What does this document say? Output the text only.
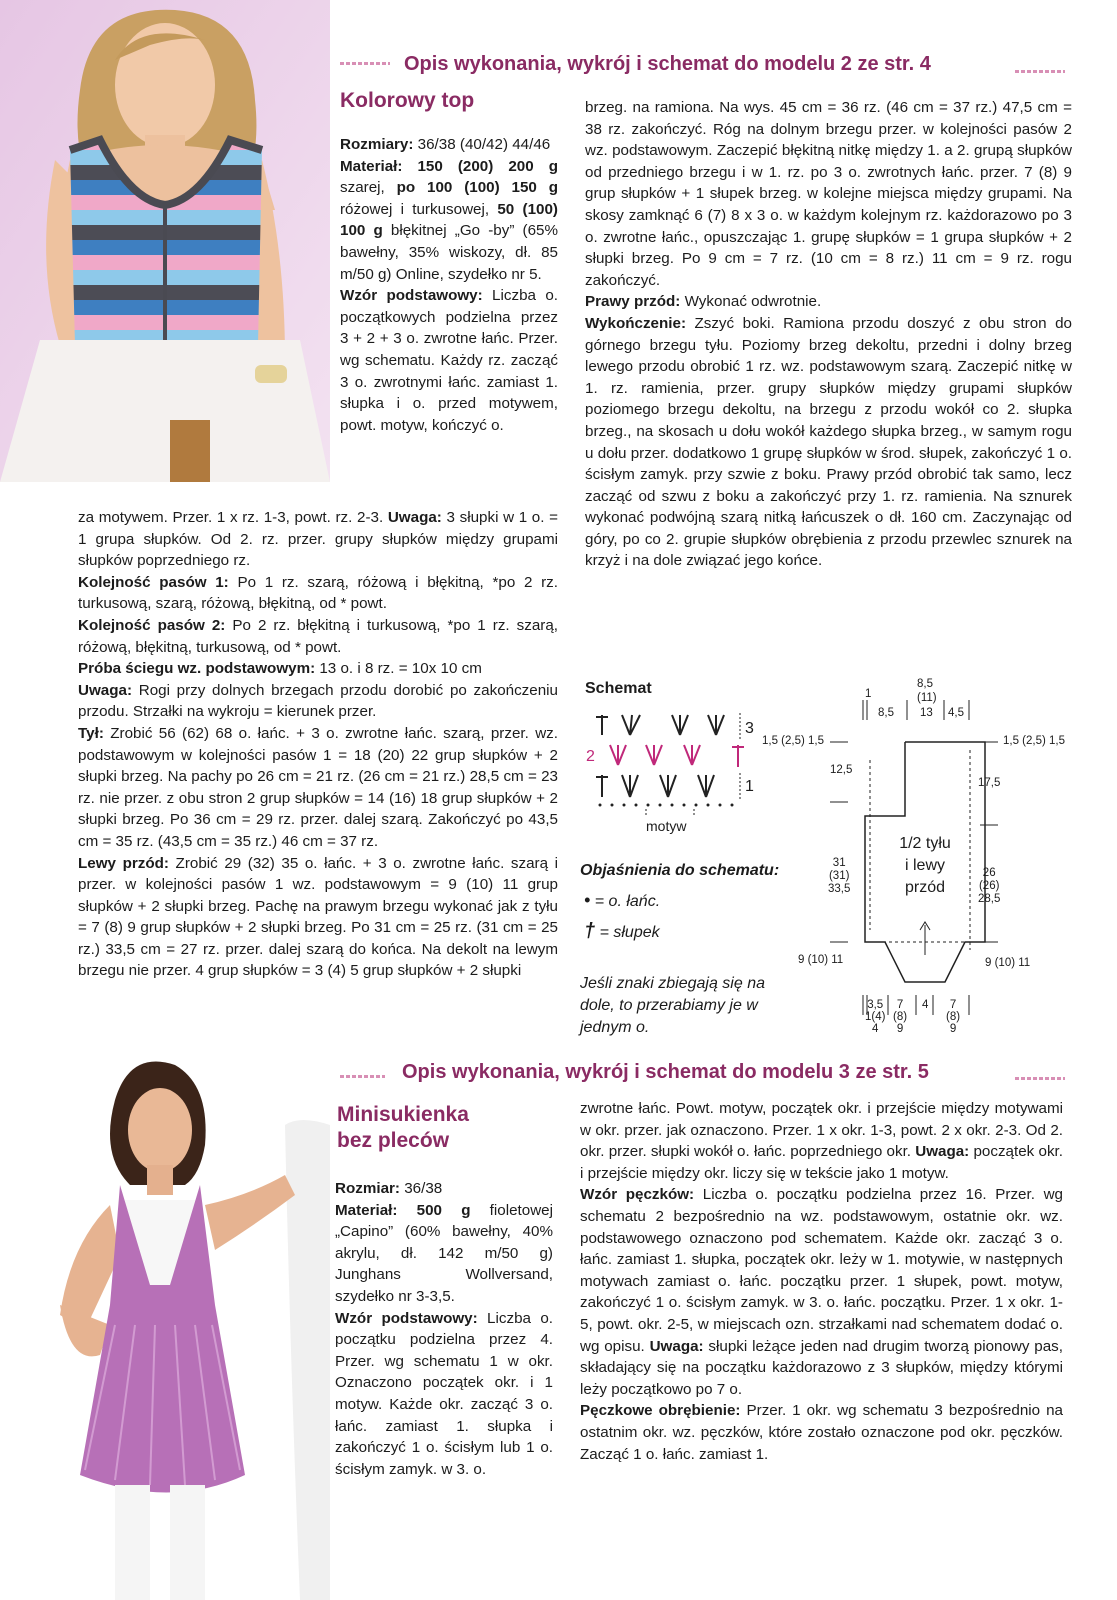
Opis wykonania, wykrój i schemat do modelu 2 ze str. 4
Kolorowy top

Rozmiary: 36/38 (40/42) 44/46

Materiał: 150 (200) 200 g szarej, po 100 (100) 150 g różowej i turkusowej, 50 (100) 100 g błękitnej „Go -by” (65% bawełny, 35% wiskozy, dł. 85 m/50 g) Online, szydełko nr 5.

Wzór podstawowy: Liczba o. początkowych podzielna przez 3 + 2 + 3 o. zwrotne łańc. Przer. wg schematu. Każdy rz. zacząć 3 o. zwrotnymi łańc. zamiast 1. słupka i o. przed motywem, powt. motyw, kończyć o.

za motywem. Przer. 1 x rz. 1-3, powt. rz. 2-3. Uwaga: 3 słupki w 1 o. = 1 grupa słupków. Od 2. rz. przer. grupy słupków między grupami słupków poprzedniego rz.

Kolejność pasów 1: Po 1 rz. szarą, różową i błękitną, *po 2 rz. turkusową, szarą, różową, błękitną, od * powt.

Kolejność pasów 2: Po 2 rz. błękitną i turkusową, *po 1 rz. szarą, różową, błękitną, turkusową, od * powt.

Próba ściegu wz. podstawowym: 13 o. i 8 rz. = 10x 10 cm

Uwaga: Rogi przy dolnych brzegach przodu dorobić po zakończeniu przodu. Strzałki na wykroju = kierunek przer.

Tył: Zrobić 56 (62) 68 o. łańc. + 3 o. zwrotne łańc. szarą, przer. wz. podstawowym w kolejności pasów 1 = 18 (20) 22 grup słupków + 2 słupki brzeg. Na pachy po 26 cm = 21 rz. (26 cm = 21 rz.) 28,5 cm = 23 rz. nie przer. z obu stron 2 grup słupków = 14 (16) 18 grup słupków + 2 słupki brzeg. Po 36 cm = 29 rz. przer. dalej szarą. Zakończyć po 43,5 cm = 35 rz. (43,5 cm = 35 rz.) 46 cm = 37 rz.

Lewy przód: Zrobić 29 (32) 35 o. łańc. + 3 o. zwrotne łańc. szarą i przer. w kolejności pasów 1 wz. podstawowym = 9 (10) 11 grup słupków + 2 słupki brzeg. Pachę na prawym brzegu wykonać jak z tyłu = 7 (8) 9 grup słupków + 2 słupki brzeg. Po 31 cm = 25 rz. (31 cm = 25 rz.) 33,5 cm = 27 rz. przer. dalej szarą do końca. Na dekolt na lewym brzegu nie przer. 4 grup słupków = 3 (4) 5 grup słupków + 2 słupki

brzeg. na ramiona. Na wys. 45 cm = 36 rz. (46 cm = 37 rz.) 47,5 cm = 38 rz. zakończyć. Róg na dolnym brzegu przer. w kolejności pasów 2 wz. podstawowym. Zaczepić błękitną nitkę między 1. a 2. grupą słupków od przedniego brzegu i w 1. rz. po 3 o. zwrotnych łańc. przer. 7 (8) 9 grup słupków + 1 słupek brzeg. w kolejne miejsca między grupami. Na skosy zamknąć 6 (7) 8 x 3 o. w każdym kolejnym rz. każdorazowo po 3 o. zwrotne łańc., opuszczając 1. grupę słupków = 1 grupa słupków + 2 słupki brzeg. Po 9 cm = 7 rz. (10 cm = 8 rz.) 11 cm = 9 rz. rogu zakończyć.

Prawy przód: Wykonać odwrotnie.

Wykończenie: Zszyć boki. Ramiona przodu doszyć z obu stron do górnego brzegu tyłu. Poziomy brzeg dekoltu, przedni i dolny brzeg lewego przodu obrobić 1 rz. wz. podstawowym szarą. Zaczepić nitkę w 1. rz. ramienia, przer. grupy słupków między grupami słupków poziomego brzegu dekoltu, na brzegu z przodu wokół co 2. słupka brzeg., na skosach u dołu wokół każdego słupka brzeg., w samym rogu u dołu przer. dodatkowo 1 grupę słupków w środ. słupek, zakończyć 1 o. ścisłym zamyk. przy szwie z boku. Prawy przód obrobić tak samo, lecz zacząć od szwu z boku a zakończyć przy 1. rz. ramienia. Na sznurek wykonać podwójną szarą nitką łańcuszek o dł. 160 cm. Zaczynając od góry, po co 2. grupie słupków obrębienia z przodu przewlec sznurek na krzyż i na dole związać jego końce.

Schemat
3
2
1
motyw
Objaśnienia do schematu:
• = o. łańc.
† = słupek
Jeśli znaki zbiegają się na dole, to przerabiamy je w jednym o.
1
8,5
8,5
(11)
13 4,5
1,5 (2,5) 1,5	1,5 (2,5) 1,5
12,5
17,5
31
(31)
33,5
26
(26)
28,5
1/2 tyłu
i lewy
przód
9 (10) 11	9 (10) 11
3,5
1(4)
4
7
(8)
9
4	7
(8)
9
Opis wykonania, wykrój i schemat do modelu 3 ze str. 5
Minisukienka
bez pleców

Rozmiar: 36/38

Materiał: 500 g fioletowej „Capino” (60% bawełny, 40% akrylu, dł. 142 m/50 g) Junghans Wollversand, szydełko nr 3-3,5.

Wzór podstawowy: Liczba o. początku podzielna przez 4. Przer. wg schematu 1 w okr. Oznaczono początek okr. i 1 motyw. Każde okr. zacząć 3 o. łańc. zamiast 1. słupka i zakończyć 1 o. ścisłym lub 1 o. ścisłym zamyk. w 3. o.

zwrotne łańc. Powt. motyw, początek okr. i przejście między motywami w okr. przer. jak oznaczono. Przer. 1 x okr. 1-3, powt. 2 x okr. 2-3. Od 2. okr. przer. słupki wokół o. łańc. poprzedniego okr. Uwaga: początek okr. i przejście między okr. liczy się w tekście jako 1 motyw.

Wzór pęczków: Liczba o. początku podzielna przez 16. Przer. wg schematu 2 bezpośrednio na wz. podstawowym, ostatnie okr. wz. podstawowego oznaczono pod schematem. Każde okr. zacząć 3 o. łańc. zamiast 1. słupka, początek okr. leży w 1. motywie, w następnych motywach zamiast o. łańc. początku przer. 1 słupek, powt. motyw, zakończyć 1 o. ścisłym zamyk. w 3. o. łańc. początku. Przer. 1 x okr. 1-5, powt. okr. 2-5, w miejscach ozn. strzałkami nad schematem dodać o. wg opisu. Uwaga: słupki leżące jeden nad drugim tworzą pionowy pas, składający się na początku każdorazowo z 3 słupków, między którymi leży początkowo po 7 o.

Pęczkowe obrębienie: Przer. 1 okr. wg schematu 3 bezpośrednio na ostatnim okr. wz. pęczków, które zostało oznaczone pod okr. pęczków. Zacząć 1 o. łańc. zamiast 1.
